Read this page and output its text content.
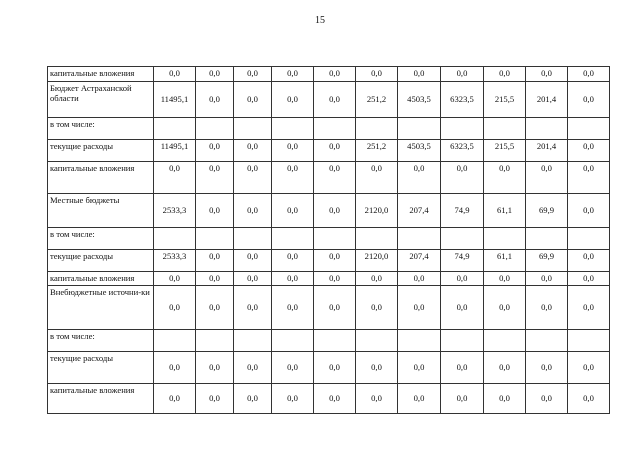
15
капитальные вложения	0,0	0,0	0,0	0,0	0,0	0,0	0,0	0,0	0,0	0,0	0,0
Бюджет Астраханской области	11495,1	0,0	0,0	0,0	0,0	251,2	4503,5	6323,5	215,5	201,4	0,0
в том числе:											
текущие расходы	11495,1	0,0	0,0	0,0	0,0	251,2	4503,5	6323,5	215,5	201,4	0,0
капитальные вложения	0,0	0,0	0,0	0,0	0,0	0,0	0,0	0,0	0,0	0,0	0,0
Местные бюджеты	2533,3	0,0	0,0	0,0	0,0	2120,0	207,4	74,9	61,1	69,9	0,0
в том числе:											
текущие расходы	2533,3	0,0	0,0	0,0	0,0	2120,0	207,4	74,9	61,1	69,9	0,0
капитальные вложения	0,0	0,0	0,0	0,0	0,0	0,0	0,0	0,0	0,0	0,0	0,0
Внебюджетные источни-ки	0,0	0,0	0,0	0,0	0,0	0,0	0,0	0,0	0,0	0,0	0,0
в том числе:											
текущие расходы	0,0	0,0	0,0	0,0	0,0	0,0	0,0	0,0	0,0	0,0	0,0
капитальные вложения	0,0	0,0	0,0	0,0	0,0	0,0	0,0	0,0	0,0	0,0	0,0
